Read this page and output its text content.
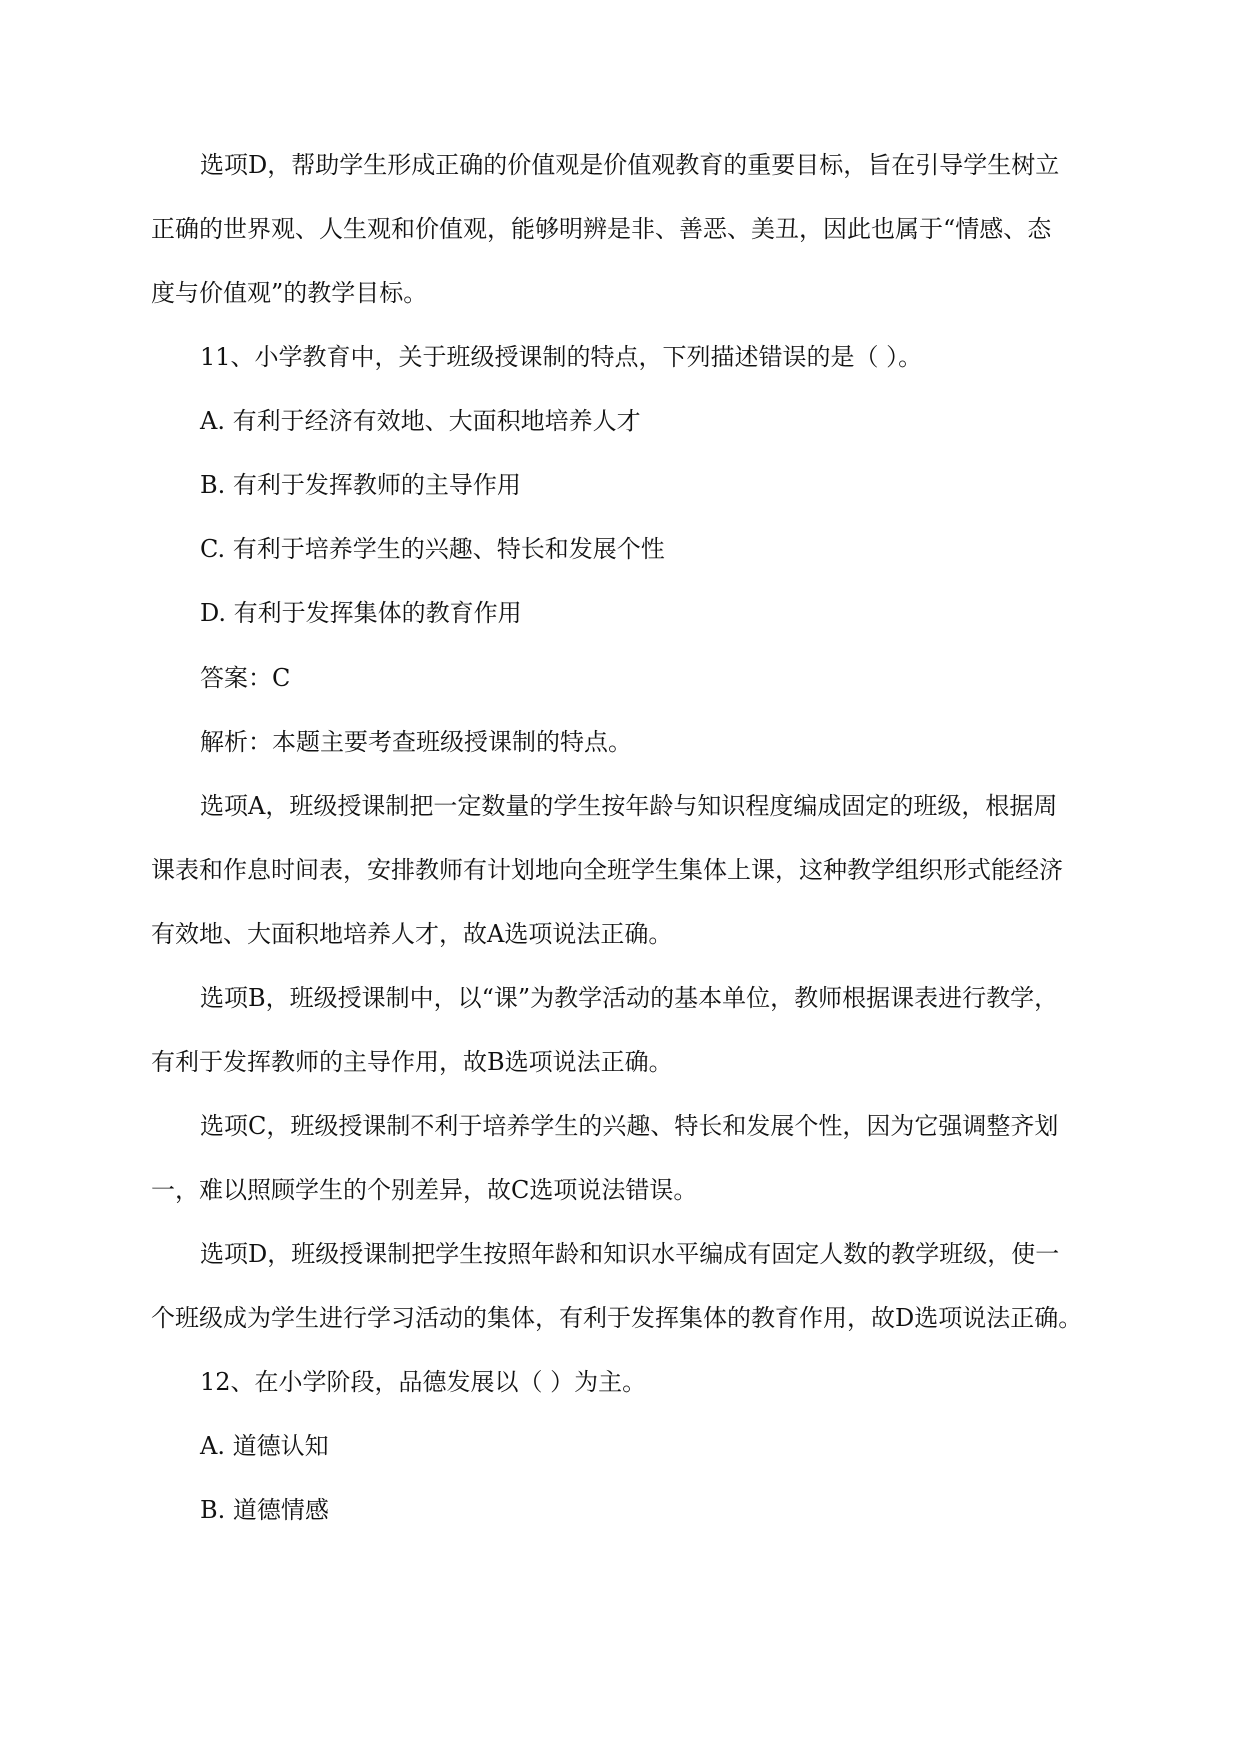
选项D，帮助学生形成正确的价值观是价值观教育的重要目标，旨在引导学生树立
正确的世界观、人生观和价值观，能够明辨是非、善恶、美丑，因此也属于“情感、态
度与价值观”的教学目标。
11、小学教育中，关于班级授课制的特点，下列描述错误的是（ ）。
A. 有利于经济有效地、大面积地培养人才
B. 有利于发挥教师的主导作用
C. 有利于培养学生的兴趣、特长和发展个性
D. 有利于发挥集体的教育作用
答案：C
解析：本题主要考查班级授课制的特点。
选项A，班级授课制把一定数量的学生按年龄与知识程度编成固定的班级，根据周
课表和作息时间表，安排教师有计划地向全班学生集体上课，这种教学组织形式能经济
有效地、大面积地培养人才，故A选项说法正确。
选项B，班级授课制中，以“课”为教学活动的基本单位，教师根据课表进行教学，
有利于发挥教师的主导作用，故B选项说法正确。
选项C，班级授课制不利于培养学生的兴趣、特长和发展个性，因为它强调整齐划
一，难以照顾学生的个别差异，故C选项说法错误。
选项D，班级授课制把学生按照年龄和知识水平编成有固定人数的教学班级，使一
个班级成为学生进行学习活动的集体，有利于发挥集体的教育作用，故D选项说法正确。
12、在小学阶段，品德发展以（ ）为主。
A. 道德认知
B. 道德情感
